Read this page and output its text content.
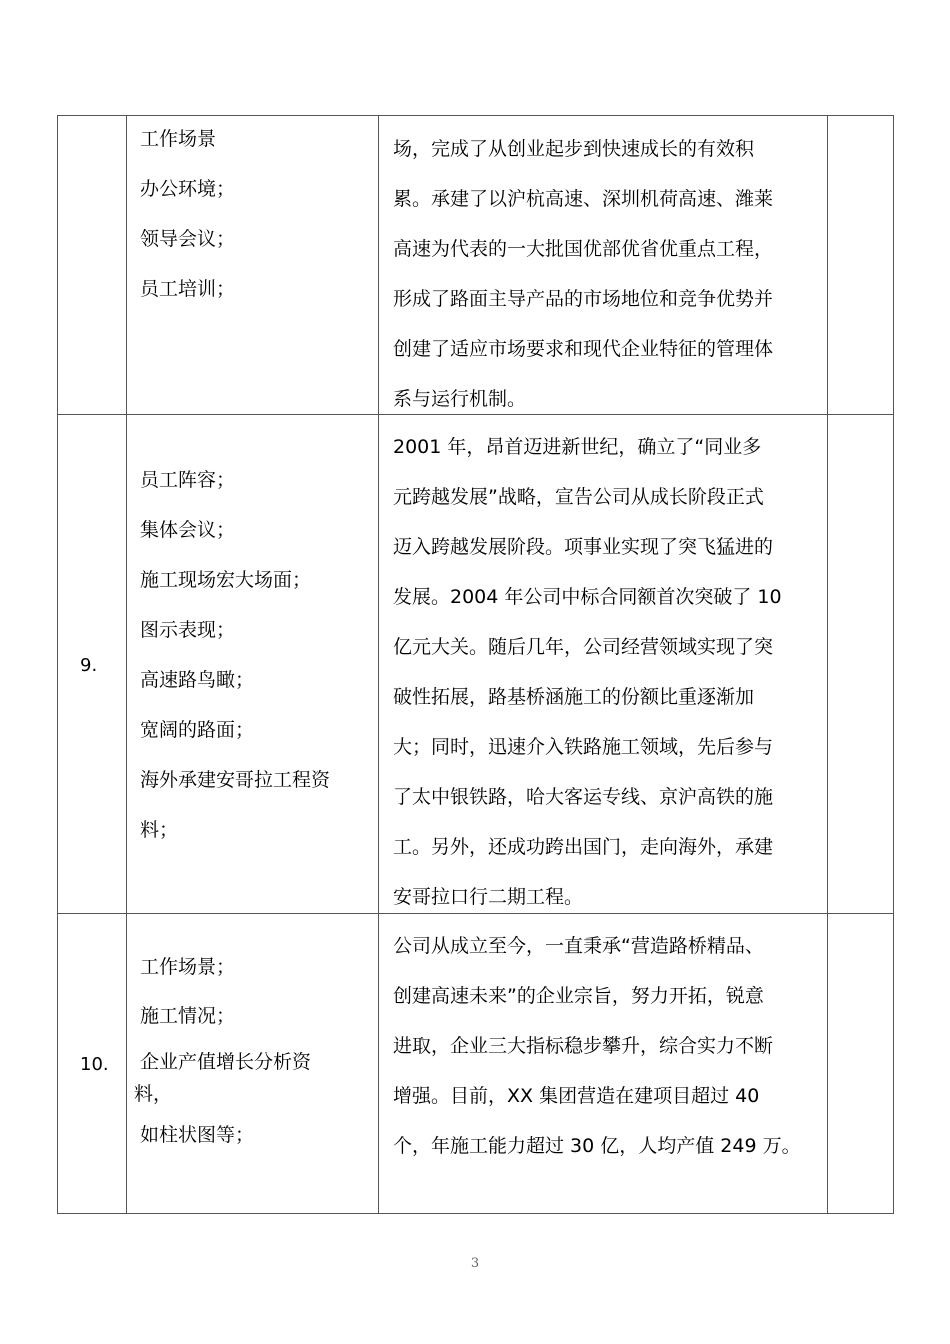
工作场景
办公环境；
领导会议；
员工培训；
场，完成了从创业起步到快速成长的有效积
累。承建了以沪杭高速、深圳机荷高速、潍莱
高速为代表的一大批国优部优省优重点工程，
形成了路面主导产品的市场地位和竞争优势并
创建了适应市场要求和现代企业特征的管理体
系与运行机制。
9.
员工阵容；
集体会议；
施工现场宏大场面；
图示表现；
高速路鸟瞰；
宽阔的路面；
海外承建安哥拉工程资
料；
2001 年，昂首迈进新世纪，确立了“同业多
元跨越发展”战略，宣告公司从成长阶段正式
迈入跨越发展阶段。项事业实现了突飞猛进的
发展。2004 年公司中标合同额首次突破了 10
亿元大关。随后几年，公司经营领域实现了突
破性拓展，路基桥涵施工的份额比重逐渐加
大；同时，迅速介入铁路施工领域，先后参与
了太中银铁路，哈大客运专线、京沪高铁的施
工。另外，还成功跨出国门，走向海外，承建
安哥拉口行二期工程。
10.
工作场景；
施工情况；
企业产值增长分析资
料，
如柱状图等；
公司从成立至今，一直秉承“营造路桥精品、
创建高速未来”的企业宗旨，努力开拓，锐意
进取，企业三大指标稳步攀升，综合实力不断
增强。目前，XX 集团营造在建项目超过 40
个，年施工能力超过 30 亿，人均产值 249 万。
3
